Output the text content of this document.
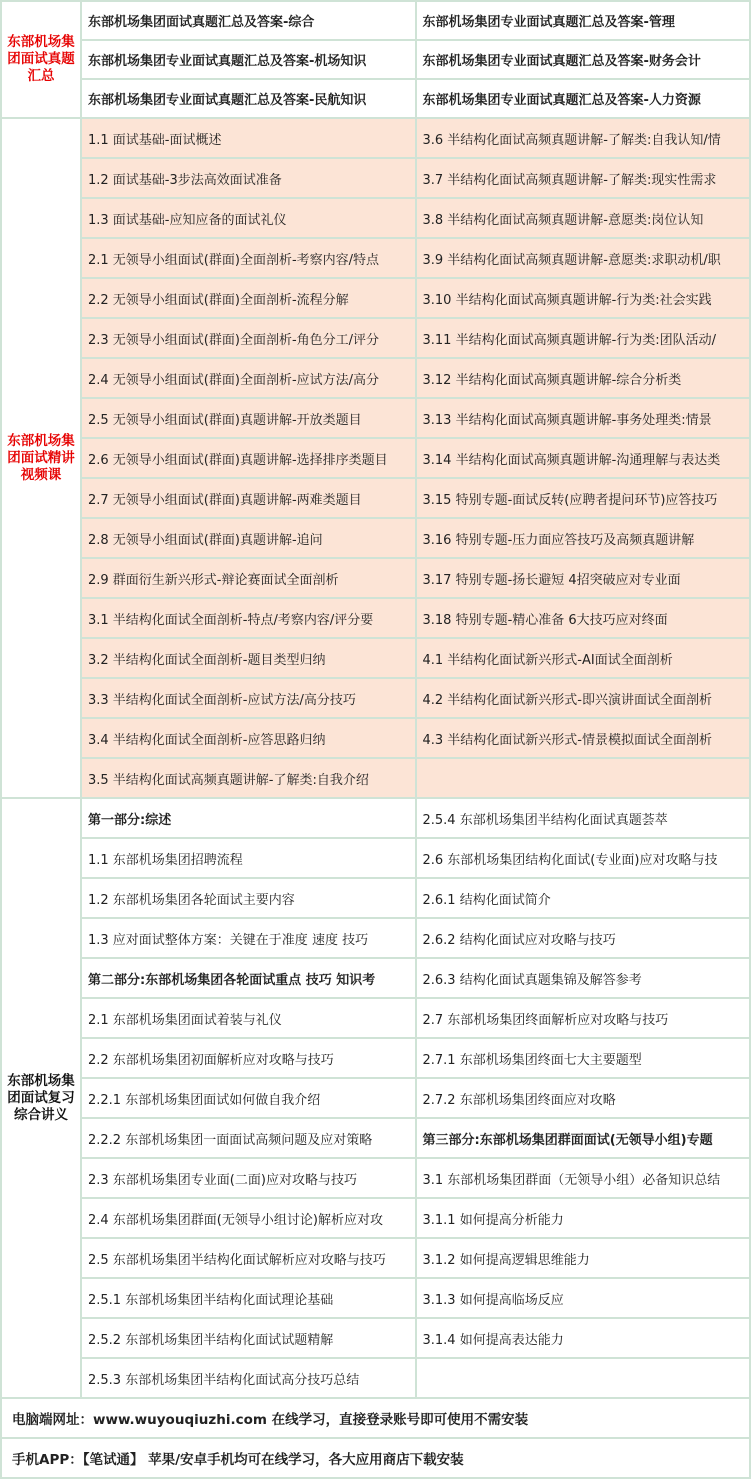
东部机场集团面试真题汇总	东部机场集团面试真题汇总及答案-综合	东部机场集团专业面试真题汇总及答案-管理
	东部机场集团专业面试真题汇总及答案-机场知识	东部机场集团专业面试真题汇总及答案-财务会计
	东部机场集团专业面试真题汇总及答案-民航知识	东部机场集团专业面试真题汇总及答案-人力资源
东部机场集团面试精讲视频课	1.1 面试基础-面试概述	3.6 半结构化面试高频真题讲解-了解类:自我认知/情
	1.2 面试基础-3步法高效面试准备	3.7 半结构化面试高频真题讲解-了解类:现实性需求
	1.3 面试基础-应知应备的面试礼仪	3.8 半结构化面试高频真题讲解-意愿类:岗位认知
	2.1 无领导小组面试(群面)全面剖析-考察内容/特点	3.9 半结构化面试高频真题讲解-意愿类:求职动机/职
	2.2 无领导小组面试(群面)全面剖析-流程分解	3.10 半结构化面试高频真题讲解-行为类:社会实践
	2.3 无领导小组面试(群面)全面剖析-角色分工/评分	3.11 半结构化面试高频真题讲解-行为类:团队活动/
	2.4 无领导小组面试(群面)全面剖析-应试方法/高分	3.12 半结构化面试高频真题讲解-综合分析类
	2.5 无领导小组面试(群面)真题讲解-开放类题目	3.13 半结构化面试高频真题讲解-事务处理类:情景
	2.6 无领导小组面试(群面)真题讲解-选择排序类题目	3.14 半结构化面试高频真题讲解-沟通理解与表达类
	2.7 无领导小组面试(群面)真题讲解-两难类题目	3.15 特别专题-面试反转(应聘者提问环节)应答技巧
	2.8 无领导小组面试(群面)真题讲解-追问	3.16 特别专题-压力面应答技巧及高频真题讲解
	2.9 群面衍生新兴形式-辩论赛面试全面剖析	3.17 特别专题-扬长避短 4招突破应对专业面
	3.1 半结构化面试全面剖析-特点/考察内容/评分要	3.18 特别专题-精心准备 6大技巧应对终面
	3.2 半结构化面试全面剖析-题目类型归纳	4.1 半结构化面试新兴形式-AI面试全面剖析
	3.3 半结构化面试全面剖析-应试方法/高分技巧	4.2 半结构化面试新兴形式-即兴演讲面试全面剖析
	3.4 半结构化面试全面剖析-应答思路归纳	4.3 半结构化面试新兴形式-情景模拟面试全面剖析
	3.5 半结构化面试高频真题讲解-了解类:自我介绍	
东部机场集团面试复习综合讲义	第一部分:综述	2.5.4 东部机场集团半结构化面试真题荟萃
	1.1 东部机场集团招聘流程	2.6 东部机场集团结构化面试(专业面)应对攻略与技
	1.2 东部机场集团各轮面试主要内容	2.6.1 结构化面试简介
	1.3 应对面试整体方案：关键在于准度 速度 技巧	2.6.2 结构化面试应对攻略与技巧
	第二部分:东部机场集团各轮面试重点 技巧 知识考	2.6.3 结构化面试真题集锦及解答参考
	2.1 东部机场集团面试着装与礼仪	2.7 东部机场集团终面解析应对攻略与技巧
	2.2 东部机场集团初面解析应对攻略与技巧	2.7.1 东部机场集团终面七大主要题型
	2.2.1 东部机场集团面试如何做自我介绍	2.7.2 东部机场集团终面应对攻略
	2.2.2 东部机场集团一面面试高频问题及应对策略	第三部分:东部机场集团群面面试(无领导小组)专题
	2.3 东部机场集团专业面(二面)应对攻略与技巧	3.1 东部机场集团群面（无领导小组）必备知识总结
	2.4 东部机场集团群面(无领导小组讨论)解析应对攻	3.1.1 如何提高分析能力
	2.5 东部机场集团半结构化面试解析应对攻略与技巧	3.1.2 如何提高逻辑思维能力
	2.5.1 东部机场集团半结构化面试理论基础	3.1.3 如何提高临场反应
	2.5.2 东部机场集团半结构化面试试题精解	3.1.4 如何提高表达能力
	2.5.3 东部机场集团半结构化面试高分技巧总结	
电脑端网址：www.wuyouqiuzhi.com 在线学习，直接登录账号即可使用不需安装		
手机APP：【笔试通】 苹果/安卓手机均可在线学习，各大应用商店下载安装		
